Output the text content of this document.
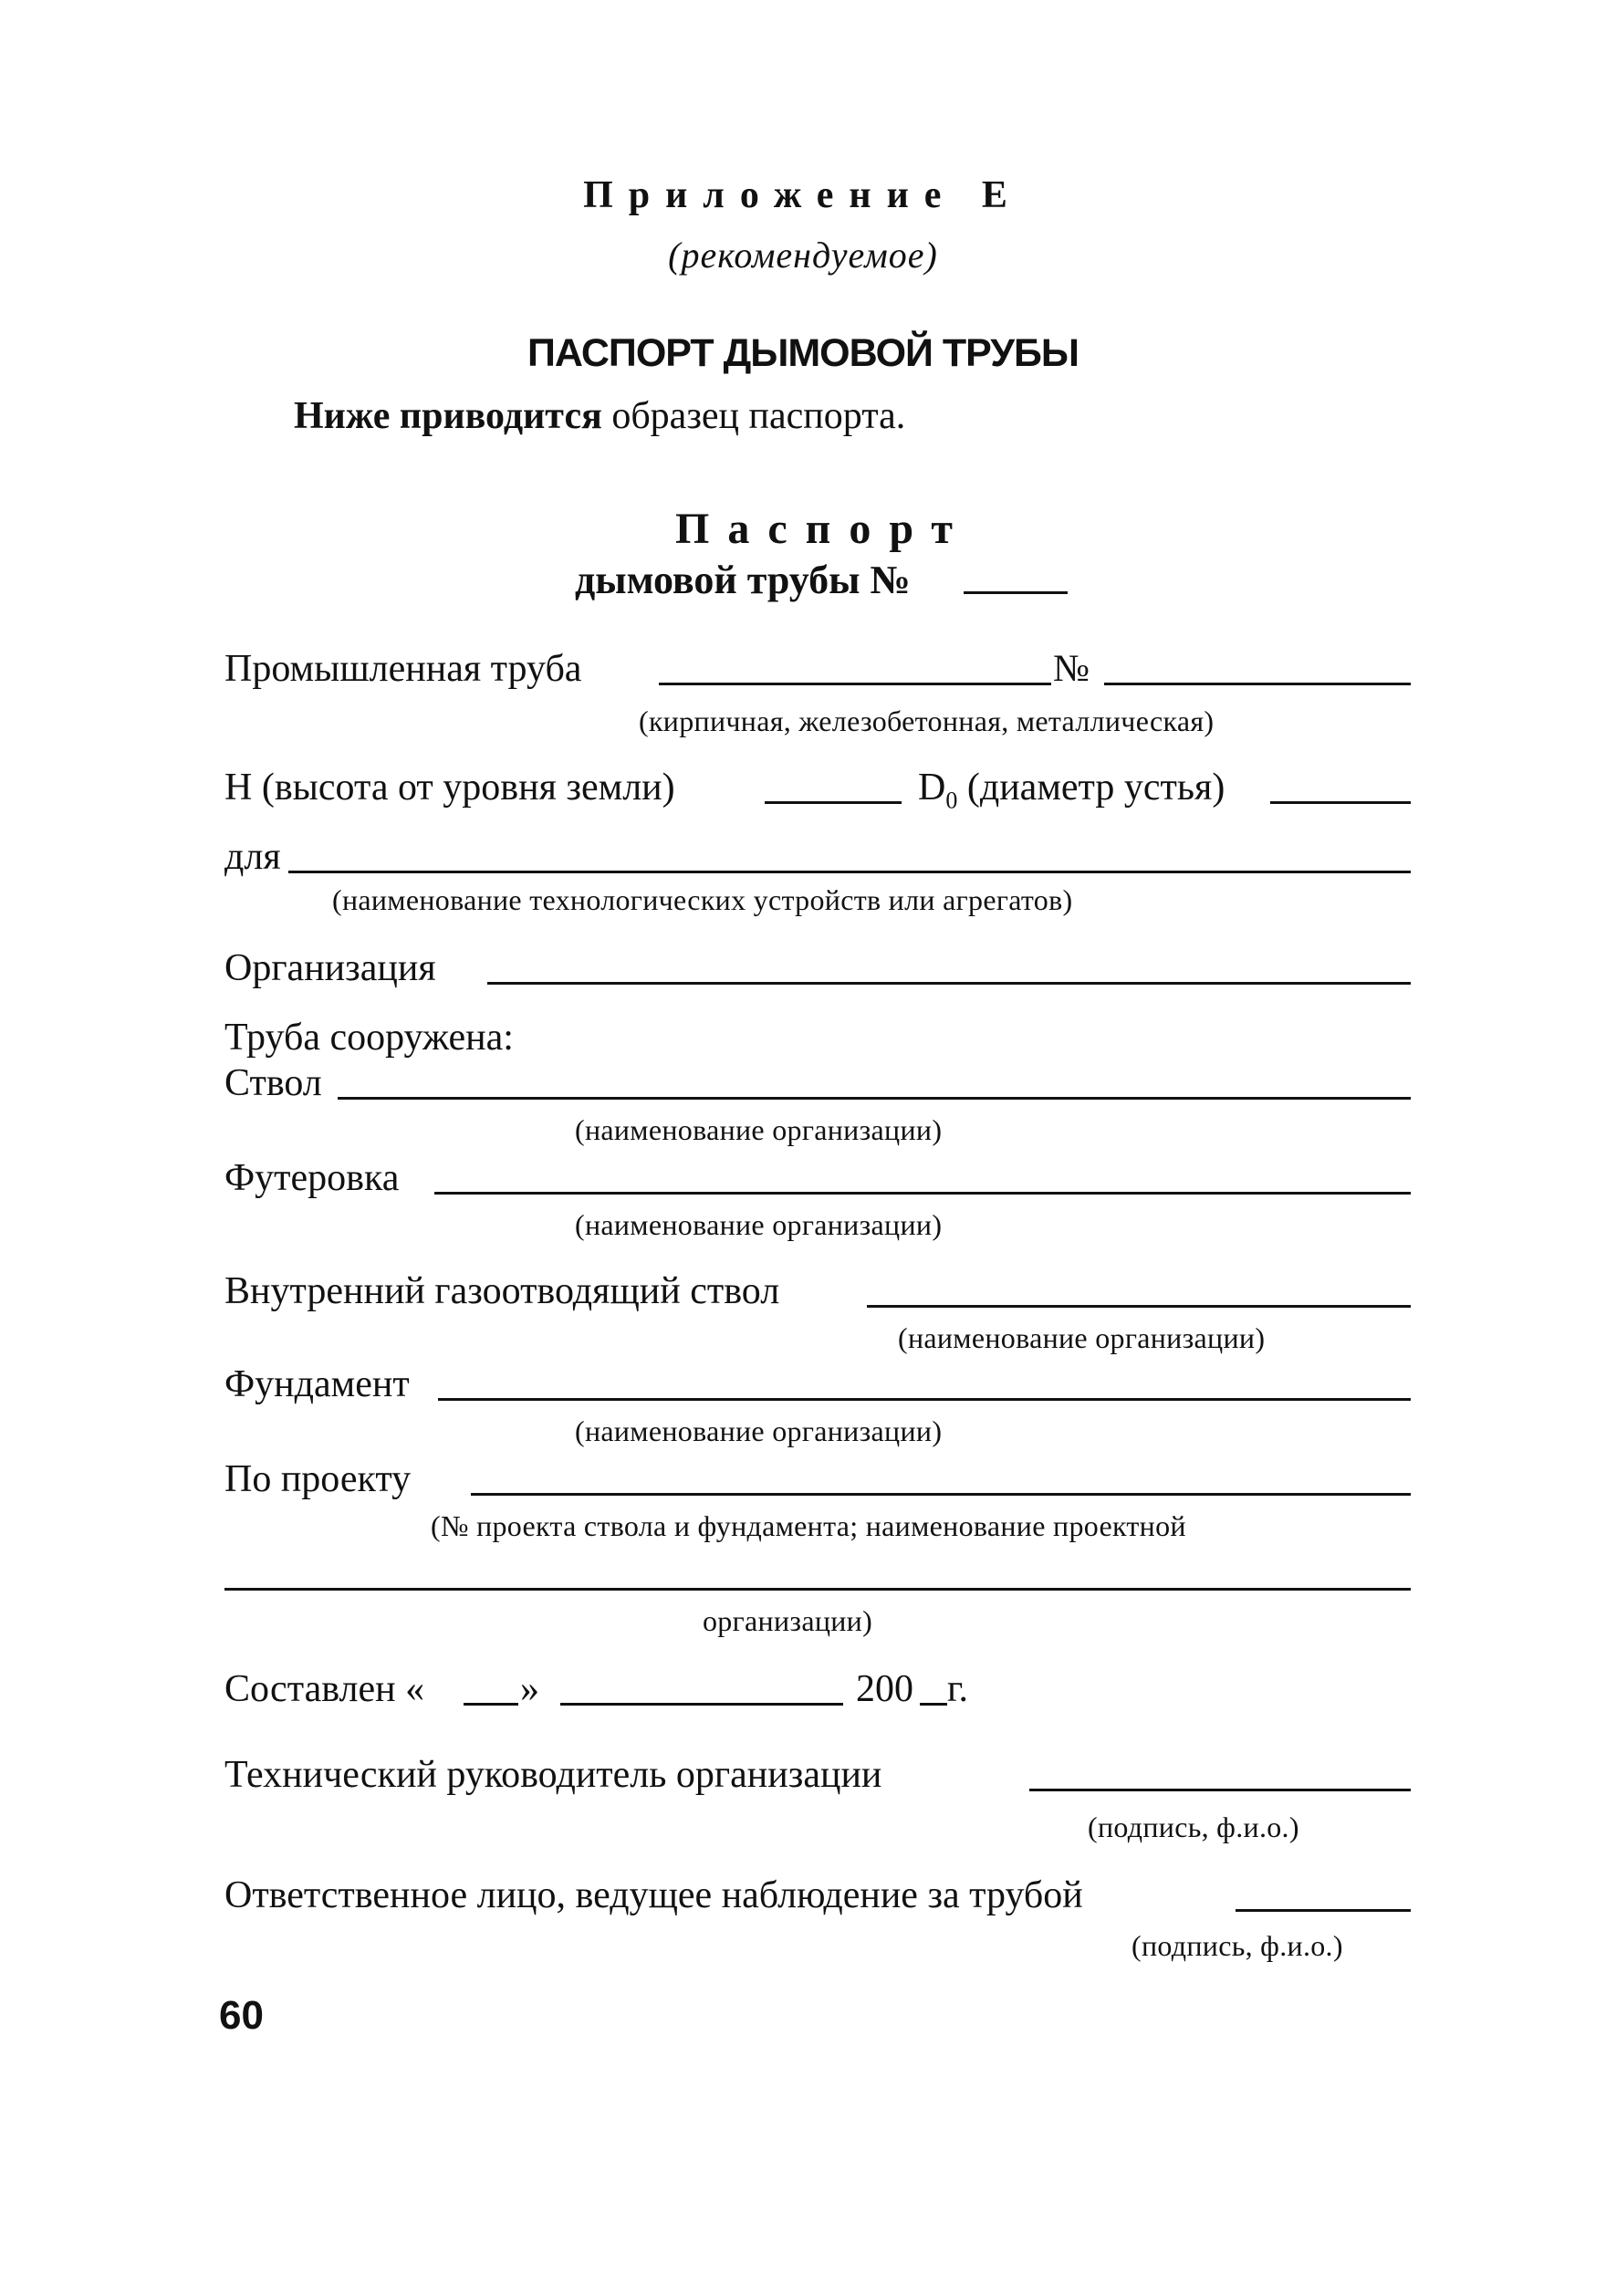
Приложение Е
(рекомендуемое)
ПАСПОРТ ДЫМОВОЙ ТРУБЫ
Ниже приводится образец паспорта.
Паспорт
дымовой трубы №
Промышленная труба	№
(кирпичная, железобетонная, металлическая)
Н (высота от уровня земли)	$D_0$ (диаметр устья)
для
(наименование технологических устройств или агрегатов)
Организация
Труба сооружена:
Ствол
(наименование организации)
Футеровка
(наименование организации)
Внутренний газоотводящий ствол
(наименование организации)
Фундамент
(наименование организации)
По проекту
(№ проекта ствола и фундамента; наименование проектной
организации)
Составлен « »	200 г.
Технический руководитель организации
(подпись, ф.и.о.)
Ответственное лицо, ведущее наблюдение за трубой
(подпись, ф.и.о.)
60
